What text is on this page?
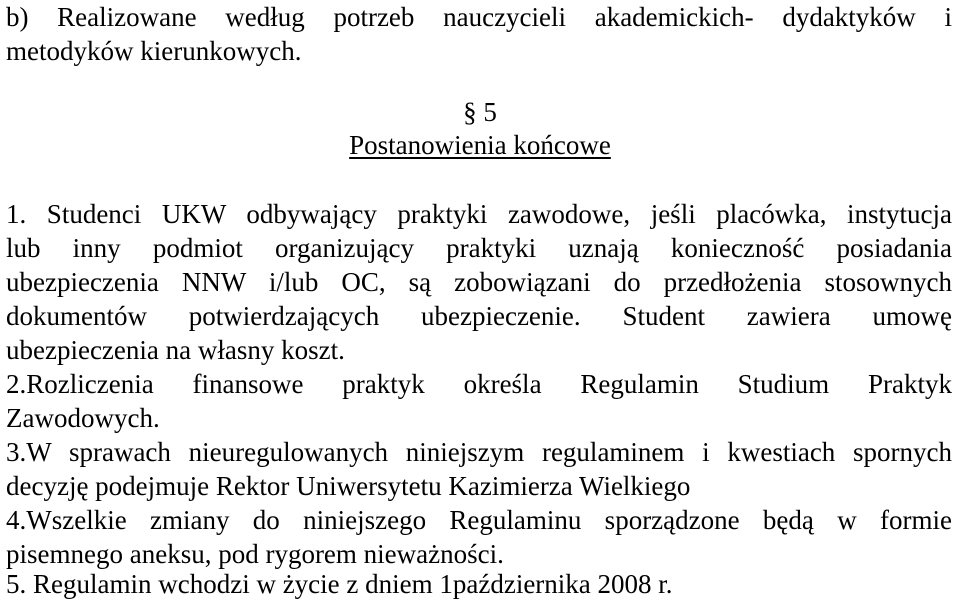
b) Realizowane według potrzeb nauczycieli akademickich- dydaktyków i
metodyków kierunkowych.
§ 5
Postanowienia końcowe
1. Studenci UKW odbywający praktyki zawodowe, jeśli placówka, instytucja
lub inny podmiot organizujący praktyki uznają konieczność posiadania
ubezpieczenia NNW i/lub OC, są zobowiązani do przedłożenia stosownych
dokumentów potwierdzających ubezpieczenie. Student zawiera umowę
ubezpieczenia na własny koszt.
2.Rozliczenia finansowe praktyk określa Regulamin Studium Praktyk
Zawodowych.
3.W sprawach nieuregulowanych niniejszym regulaminem i kwestiach spornych
decyzję podejmuje Rektor Uniwersytetu Kazimierza Wielkiego
4.Wszelkie zmiany do niniejszego Regulaminu sporządzone będą w formie
pisemnego aneksu, pod rygorem nieważności.
5. Regulamin wchodzi w życie z dniem 1października 2008 r.
